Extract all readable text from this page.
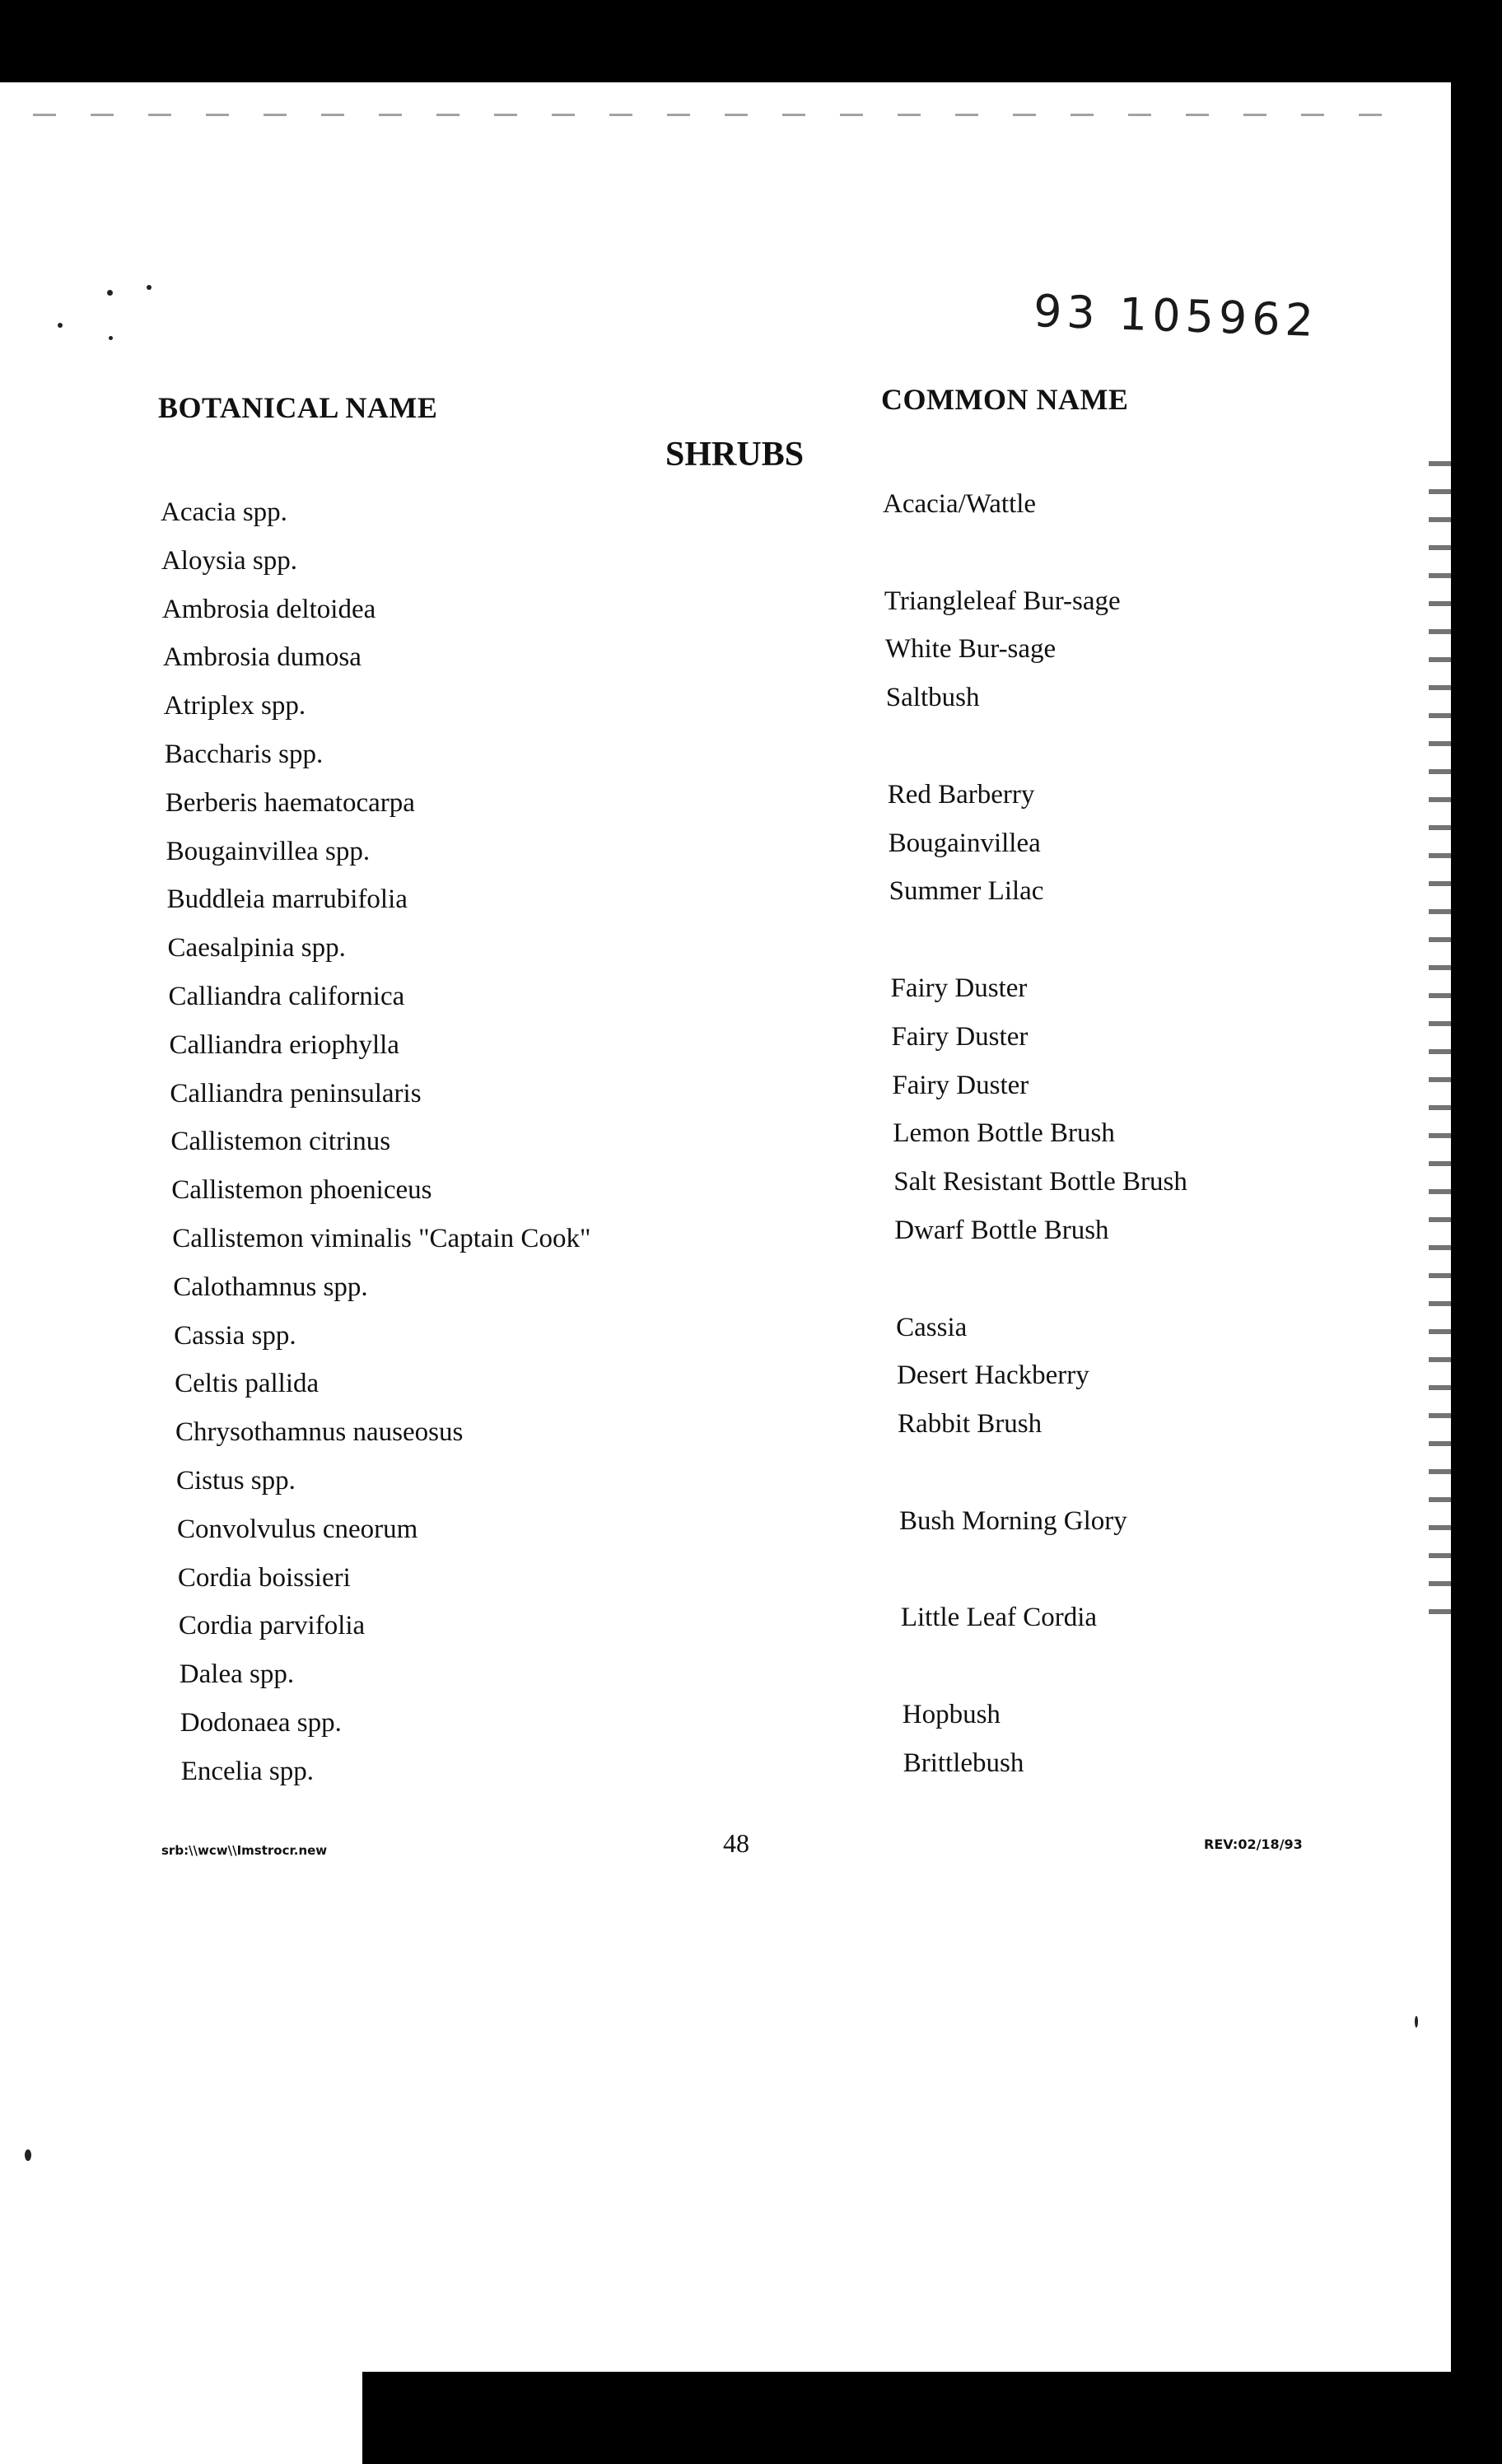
93 105962
BOTANICAL NAME	COMMON NAME
SHRUBS
Acacia spp.	Acacia/Wattle
Aloysia spp.
Ambrosia deltoidea	Triangleleaf Bur-sage
Ambrosia dumosa	White Bur-sage
Atriplex spp.	Saltbush
Baccharis spp.
Berberis haematocarpa	Red Barberry
Bougainvillea spp.	Bougainvillea
Buddleia marrubifolia	Summer Lilac
Caesalpinia spp.
Calliandra californica	Fairy Duster
Calliandra eriophylla	Fairy Duster
Calliandra peninsularis	Fairy Duster
Callistemon citrinus	Lemon Bottle Brush
Callistemon phoeniceus	Salt Resistant Bottle Brush
Callistemon viminalis "Captain Cook"	Dwarf Bottle Brush
Calothamnus spp.
Cassia spp.	Cassia
Celtis pallida	Desert Hackberry
Chrysothamnus nauseosus	Rabbit Brush
Cistus spp.
Convolvulus cneorum	Bush Morning Glory
Cordia boissieri
Cordia parvifolia	Little Leaf Cordia
Dalea spp.
Dodonaea spp.	Hopbush
Encelia spp.	Brittlebush
srb:\\wcw\\Imstrocr.new	48	REV:02/18/93
